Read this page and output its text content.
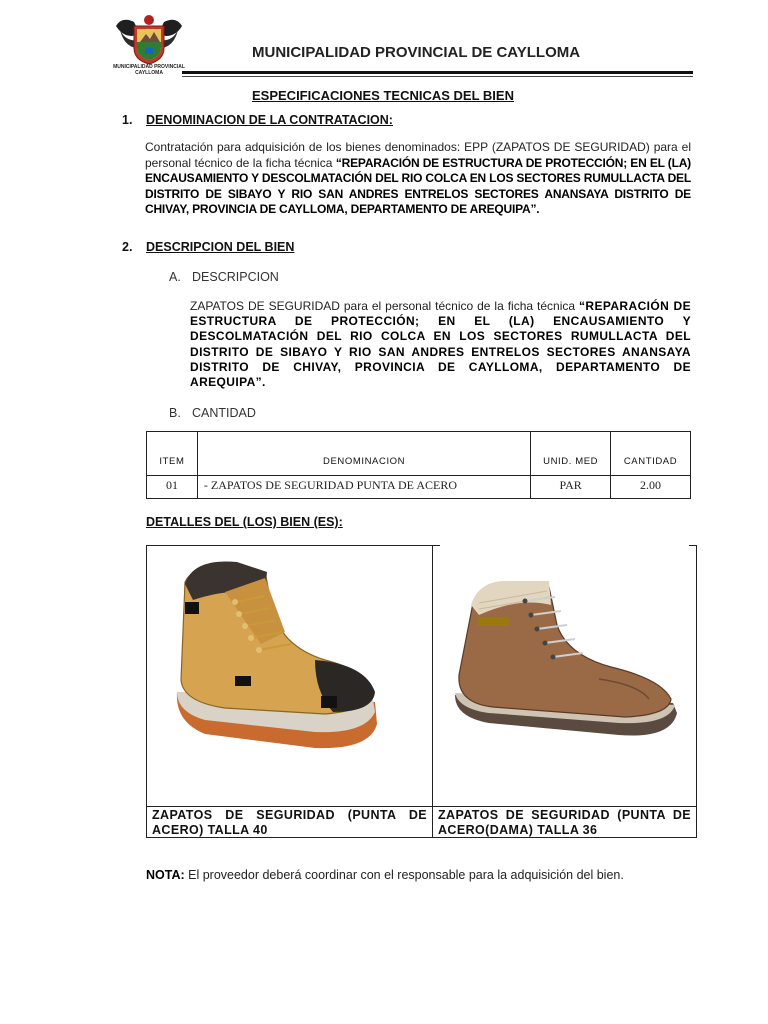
MUNICIPALIDAD PROVINCIAL CAYLLOMA
MUNICIPALIDAD PROVINCIAL DE CAYLLOMA
ESPECIFICACIONES TECNICAS DEL BIEN
1. DENOMINACION DE LA CONTRATACION:
Contratación para adquisición de los bienes denominados: EPP (ZAPATOS DE SEGURIDAD) para el personal técnico de la ficha técnica “REPARACIÓN DE ESTRUCTURA DE PROTECCIÓN; EN EL (LA) ENCAUSAMIENTO Y DESCOLMATACIÓN DEL RIO COLCA EN LOS SECTORES RUMULLACTA DEL DISTRITO DE SIBAYO Y RIO SAN ANDRES ENTRELOS SECTORES ANANSAYA DISTRITO DE CHIVAY, PROVINCIA DE CAYLLOMA, DEPARTAMENTO DE AREQUIPA”.
2. DESCRIPCION DEL BIEN
A. DESCRIPCION
ZAPATOS DE SEGURIDAD para el personal técnico de la ficha técnica “REPARACIÓN DE ESTRUCTURA DE PROTECCIÓN; EN EL (LA) ENCAUSAMIENTO Y DESCOLMATACIÓN DEL RIO COLCA EN LOS SECTORES RUMULLACTA DEL DISTRITO DE SIBAYO Y RIO SAN ANDRES ENTRELOS SECTORES ANANSAYA DISTRITO DE CHIVAY, PROVINCIA DE CAYLLOMA, DEPARTAMENTO DE AREQUIPA”.
B. CANTIDAD
ITEM	DENOMINACION	UNID. MED	CANTIDAD
01	- ZAPATOS DE SEGURIDAD PUNTA DE ACERO	PAR	2.00
DETALLES DEL (LOS) BIEN (ES):
ZAPATOS DE SEGURIDAD (PUNTA DE ACERO) TALLA 40
ZAPATOS DE SEGURIDAD (PUNTA DE ACERO(DAMA) TALLA 36
NOTA: El proveedor deberá coordinar con el responsable para la adquisición del bien.
